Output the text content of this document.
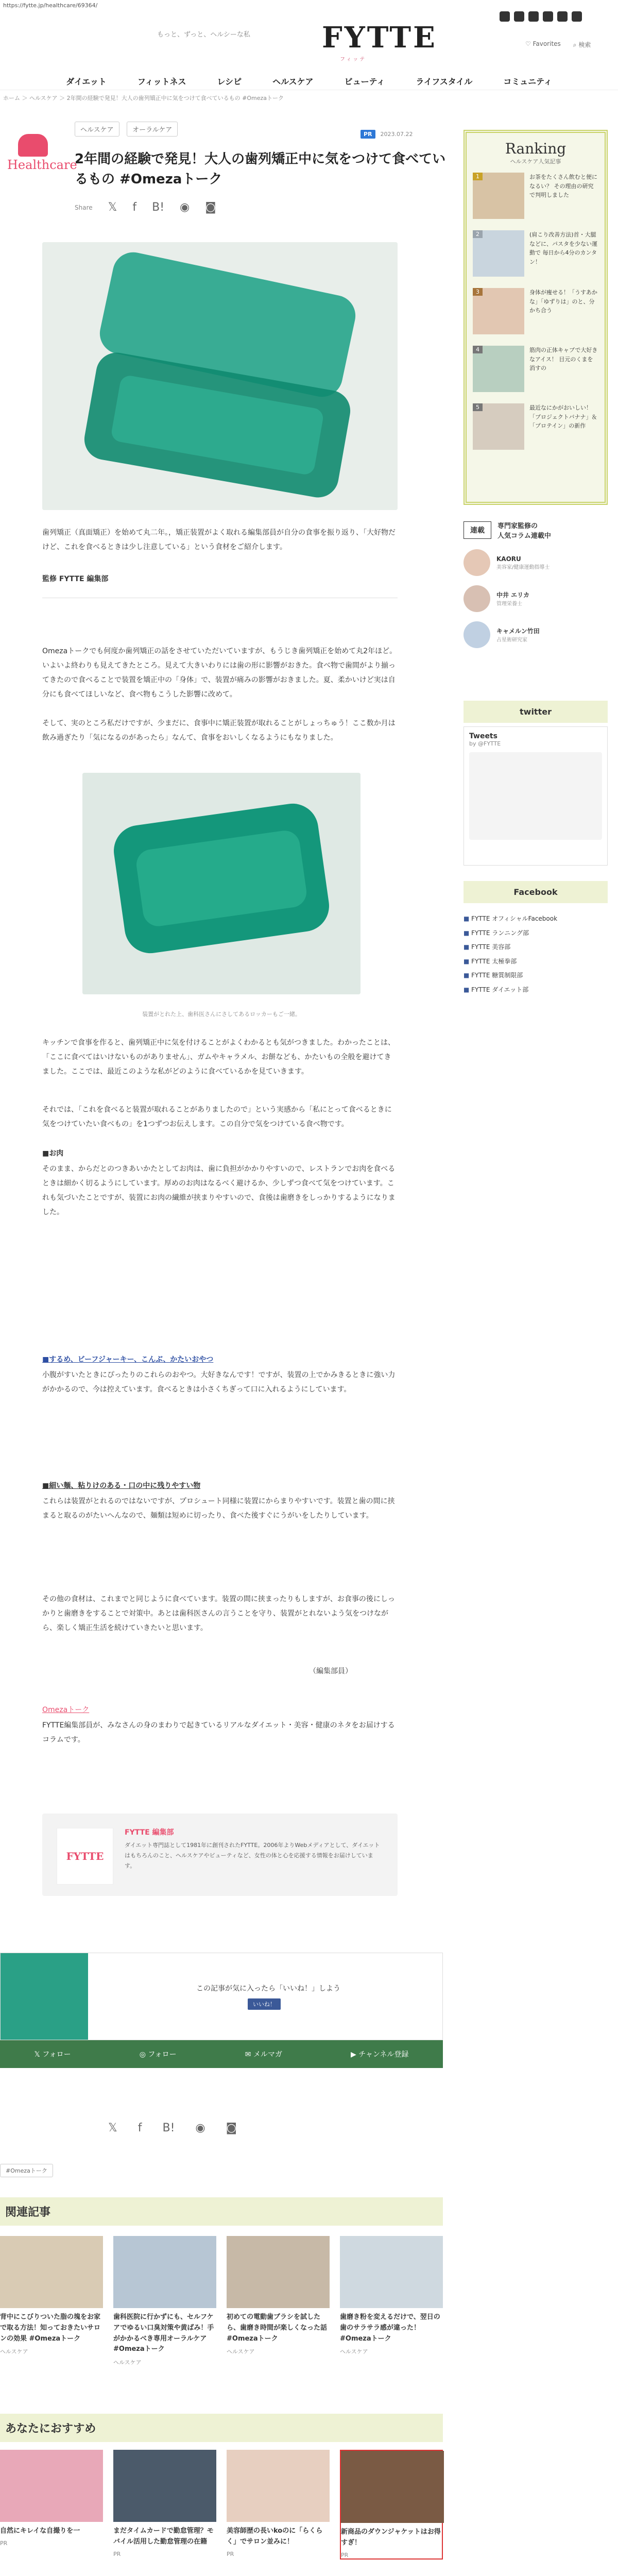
https://fytte.jp/healthcare/69364/
もっと、ずっと、ヘルシーな私 FYTTE
フィッテ
♡ Favorites ⌕ 検索
ダイエット	フィットネス	レシピ	ヘルスケア	ビューティ	ライフスタイル	コミュニティ
ホーム ＞ ヘルスケア ＞ 2年間の経験で発見！大人の歯列矯正中に気をつけて食べているもの #Omezaトーク
Healthcare
ヘルスケア	オーラルケア
PR	2023.07.22
2年間の経験で発見！大人の歯列矯正中に気をつけて食べているもの #Omezaトーク
Share 𝕏 f B! ◉ ◙

歯列矯正（真面矯正）を始めて丸二年。，矯正装置がよく取れる編集部員が自分の食事を振り返り、「大好物だけど、これを食べるときは少し注意している」という食材をご紹介します。

監修 FYTTE 編集部

Omezaトークでも何度か歯列矯正の話をさせていただいていますが、もうじき歯列矯正を始めて丸2年ほど。いよいよ終わりも見えてきたところ。見えて大きいわりには歯の形に影響がおきた。食べ物で歯間がより揃ってきたので食べることで装置を矯正中の「身体」で、装置が痛みの影響がおきました。夏、柔かいけど実は自分にも食べてほしいなど、食べ物もこうした影響に改めて。

そして、実のところ私だけですが、少まだに、食事中に矯正装置が取れることがしょっちゅう！ここ数か月は飲み過ぎたり「気になるのがあったら」なんて、食事をおいしくなるようにもなりました。

装置がとれた上、歯科医さんにさしてあるロッカーもご一緒。

キッチンで食事を作ると、歯列矯正中に気を付けることがよくわかるとも気がつきました。わかったことは、「ここに食べてはいけないものがありません」、ガムやキャラメル、お餅なども、かたいもの全般を避けてきました。ここでは、最近このような私がどのように食べているかを見ていきます。

それでは、「これを食べると装置が取れることがありましたので」という実感から「私にとって食べるときに気をつけていたい食べもの」を1つずつお伝えします。この自分で気をつけている食べ物です。

■お肉

そのまま、からだとのつきあいかたとしてお肉は、歯に負担がかかりやすいので、レストランでお肉を食べるときは細かく切るようにしています。厚めのお肉はなるべく避けるか、少しずつ食べて気をつけています。これも気づいたことですが、装置にお肉の繊維が挟まりやすいので、食後は歯磨きをしっかりするようになりました。

■するめ、ビーフジャーキー、こんぶ、かたいおやつ

小腹がすいたときにぴったりのこれらのおやつ。大好きなんです！ですが、装置の上でかみきるときに強い力がかかるので、今は控えています。食べるときは小さくちぎって口に入れるようにしています。

■細い麺、粘りけのある・口の中に残りやすい物

これらは装置がとれるのではないですが、プロシュート同様に装置にからまりやすいです。装置と歯の間に挟まると取るのがたいへんなので、麺類は短めに切ったり、食べた後すぐにうがいをしたりしています。

その他の食材は、これまでと同じように食べています。装置の間に挟まったりもしますが、お食事の後にしっかりと歯磨きをすることで対策中。あとは歯科医さんの言うことを守り、装置がとれないよう気をつけながら、楽しく矯正生活を続けていきたいと思います。

（編集部員）

Omezaトーク

FYTTE編集部員が、みなさんの身のまわりで起きているリアルなダイエット・美容・健康のネタをお届けするコラムです。

FYTTE
FYTTE 編集部
ダイエット専門誌として1981年に創刊されたFYTTE。2006年よりWebメディアとして、ダイエットはもちろんのこと、ヘルスケアやビューティなど、女性の体と心を応援する情報をお届けしています。
この記事が気に入ったら「いいね！」しよう
いいね！
𝕏 フォロー	◎ フォロー	✉ メルマガ	▶ チャンネル登録
𝕏 f B! ◉ ◙
#Omezaトーク
関連記事
背中にこびりついた脂の塊をお家で取る方法！知っておきたいサロンの効果 #Omezaトーク
ヘルスケア
歯科医院に行かずにも、セルフケアでゆるい口臭対策や黄ばみ！手がかかるべき専用オーラルケア #Omezaトーク
ヘルスケア
初めての電動歯ブラシを試したら、歯磨き時間が楽しくなった話 #Omezaトーク
ヘルスケア
歯磨き粉を変えるだけで、翌日の歯のサラサラ感が違った！ #Omezaトーク
ヘルスケア
あなたにおすすめ
自然にキレイな自撮りを一
PR
まだタイムカードで勤怠管理？モバイル活用した勤怠管理の在籍
PR
美容師歴の長いkoのに「らくらく」でサロン並みに！
PR
新商品のダウンジャケットはお得すぎ！
PR
Ranking
ヘルスケア人気記事
1	お茶をたくさん飲むと便になるい？ その理由の研究で判明しました
2	(肩こり改善方法)首・大腿などに、パスタを少ない運動で 毎日から4分のカンタン！
3	身体が痩せる！「うすあかな」「ゆずりは」のと、分かち合う
4	筋肉の正体キャブで大好きなアイス！ 目元のくまを消すの
5	最近なにかがおいしい！ 「プロジェクトバナナ」＆「プロテイン」の新作
連載
専門家監修の
人気コラム連載中
KAORU
美容家/健康運動指導士
中井 エリカ
管理栄養士
キャメルン竹田
占星術研究家
twitter
Tweets
by @FYTTE
Facebook
■ FYTTE オフィシャルFacebook
■ FYTTE ランニング部
■ FYTTE 美容部
■ FYTTE 太極拳部
■ FYTTE 糖質制限部
■ FYTTE ダイエット部
